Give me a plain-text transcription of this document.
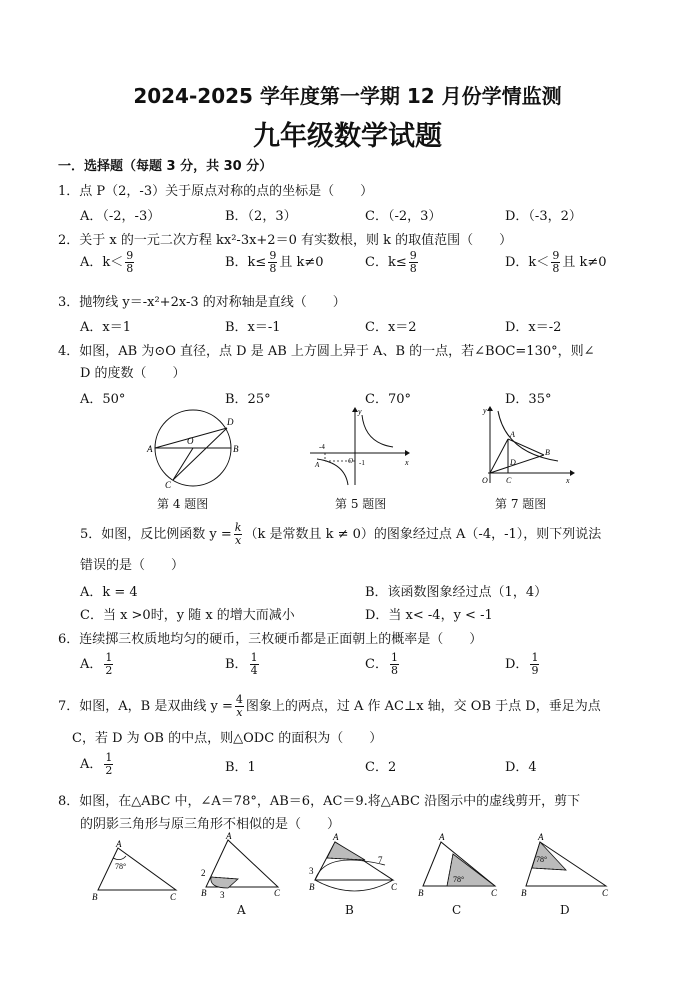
2024-2025 学年度第一学期 12 月份学情监测
九年级数学试题
一．选择题（每题 3 分，共 30 分）
1．点 P（2，-3）关于原点对称的点的坐标是（　　）
A．（-2，-3）	B．（2，3）	C．（-2，3）	D．（-3，2）
2．关于 x 的一元二次方程 kx²-3x+2＝0 有实数根，则 k 的取值范围（　　）
A．$k< \frac{9}{8}$	B．$k\le \frac{9}{8}$ 且 k≠0	C．$k\le \frac{9}{8}$	D．$k< \frac{9}{8}$ 且 k≠0
3．抛物线 y＝-x²+2x-3 的对称轴是直线（　　）
A．x＝1	B．x＝-1	C．x＝2	D．x＝-2
4．如图，AB 为⊙O 直径，点 D 是 AB 上方圆上异于 A、B 的一点，若∠BOC=130°，则∠
D 的度数（　　）
A．50°	B．25°	C．70°	D．35°
A	B
C
D
O
第 4 题图
y
x
-4
-1
O
A
第 5 题图
y
x
A
B
C
D
O
第 7 题图
5．如图，反比例函数 $y = \frac{k}{x} (k$ 是常数且 k ≠ 0）的图象经过点 A（-4，-1），则下列说法
错误的是（　　）
A．k = 4	B．该函数图象经过点（1，4）
C．当 x >0时，y 随 x 的增大而减小	D．当 x< -4，y < -1
6．连续掷三枚质地均匀的硬币，三枚硬币都是正面朝上的概率是（　　）
A． $\frac{1}{2}$	B． $\frac{1}{4}$	C． $\frac{1}{8}$	D． $\frac{1}{9}$
7．如图，A，B 是双曲线 $y = \frac{4}{x}$ 图象上的两点，过 A 作 AC⊥x 轴，交 OB 于点 D，垂足为点
C，若 D 为 OB 的中点，则△ODC 的面积为（　　）
A． $\frac{1}{2}$	B．1	C．2	D．4
8．如图，在△ABC 中，∠A＝78°，AB＝6，AC＝9.将△ABC 沿图示中的虚线剪开，剪下
的阴影三角形与原三角形不相似的是（　　）
A
B	C
78°
A
B	C
2
3
A
A
B	C
3
7
B
A
B	C
78°
C
A
B	C
78°
D
